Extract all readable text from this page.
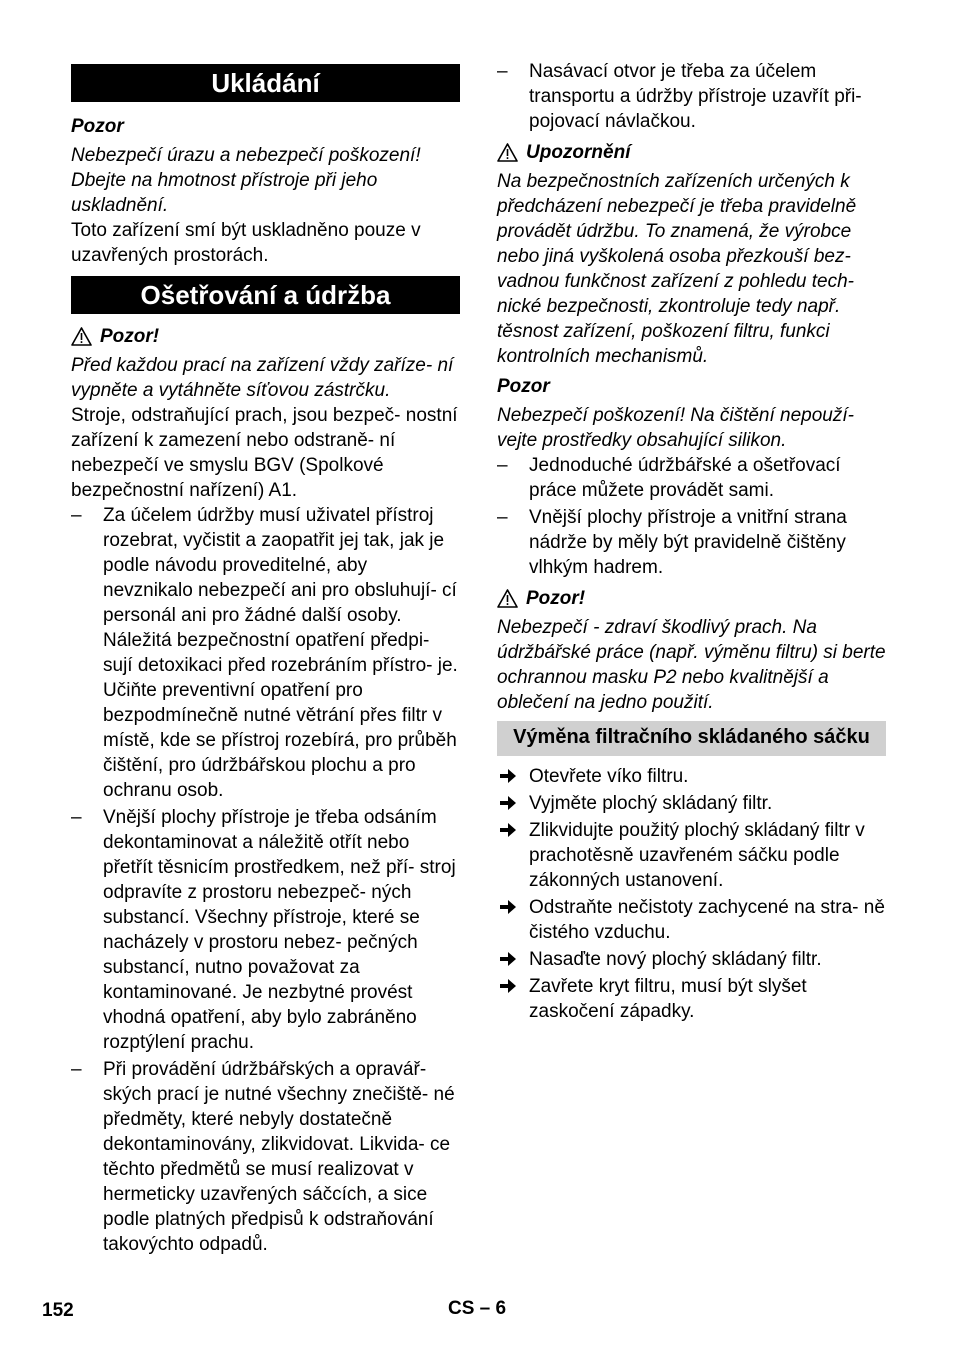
Ukládání
Pozor

Nebezpečí úrazu a nebezpečí poškození! Dbejte na hmotnost přístroje při jeho uskladnění.

Toto zařízení smí být uskladněno pouze v uzavřených prostorách.

Ošetřování a údržba
Pozor!

Před každou prací na zařízení vždy zaříze- ní vypněte a vytáhněte síťovou zástrčku.

Stroje, odstraňující prach, jsou bezpeč- nostní zařízení k zamezení nebo odstraně- ní nebezpečí ve smyslu BGV (Spolkové bezpečnostní nařízení) A1.

– Za účelem údržby musí uživatel přístroj rozebrat, vyčistit a zaopatřit jej tak, jak je podle návodu proveditelné, aby nevznikalo nebezpečí ani pro obsluhují- cí personál ani pro žádné další osoby. Náležitá bezpečnostní opatření předpi- sují detoxikaci před rozebráním přístro- je. Učiňte preventivní opatření pro bezpodmínečně nutné větrání přes filtr v místě, kde se přístroj rozebírá, pro průběh čištění, pro údržbářskou plochu a pro ochranu osob.
– Vnější plochy přístroje je třeba odsáním dekontaminovat a náležitě otřít nebo přetřít těsnicím prostředkem, než pří- stroj odpravíte z prostoru nebezpeč- ných substancí. Všechny přístroje, které se nacházely v prostoru nebez- pečných substancí, nutno považovat za kontaminované. Je nezbytné provést vhodná opatření, aby bylo zabráněno rozptýlení prachu.
– Při provádění údržbářských a opravář- ských prací je nutné všechny znečiště- né předměty, které nebyly dostatečně dekontaminovány, zlikvidovat. Likvida- ce těchto předmětů se musí realizovat v hermeticky uzavřených sáčcích, a sice podle platných předpisů k odstraňování takovýchto odpadů.
– Nasávací otvor je třeba za účelem transportu a údržby přístroje uzavřít při- pojovací návlačkou.
Upozornění

Na bezpečnostních zařízeních určených k předcházení nebezpečí je třeba pravidelně provádět údržbu. To znamená, že výrobce nebo jiná vyškolená osoba přezkouší bez- vadnou funkčnost zařízení z pohledu tech- nické bezpečnosti, zkontroluje tedy např. těsnost zařízení, poškození filtru, funkci kontrolních mechanismů.

Pozor

Nebezpečí poškození! Na čištění nepouží- vejte prostředky obsahující silikon.

– Jednoduché údržbářské a ošetřovací práce můžete provádět sami.
– Vnější plochy přístroje a vnitřní strana nádrže by měly být pravidelně čištěny vlhkým hadrem.
Pozor!

Nebezpečí - zdraví škodlivý prach. Na údržbářské práce (např. výměnu filtru) si berte ochrannou masku P2 nebo kvalitnější a oblečení na jedno použití.

Výměna filtračního skládaného sáčku
Otevřete víko filtru.
Vyjměte plochý skládaný filtr.
Zlikvidujte použitý plochý skládaný filtr v prachotěsně uzavřeném sáčku podle zákonných ustanovení.
Odstraňte nečistoty zachycené na stra- ně čistého vzduchu.
Nasaďte nový plochý skládaný filtr.
Zavřete kryt filtru, musí být slyšet zaskočení západky.
152	CS – 6
